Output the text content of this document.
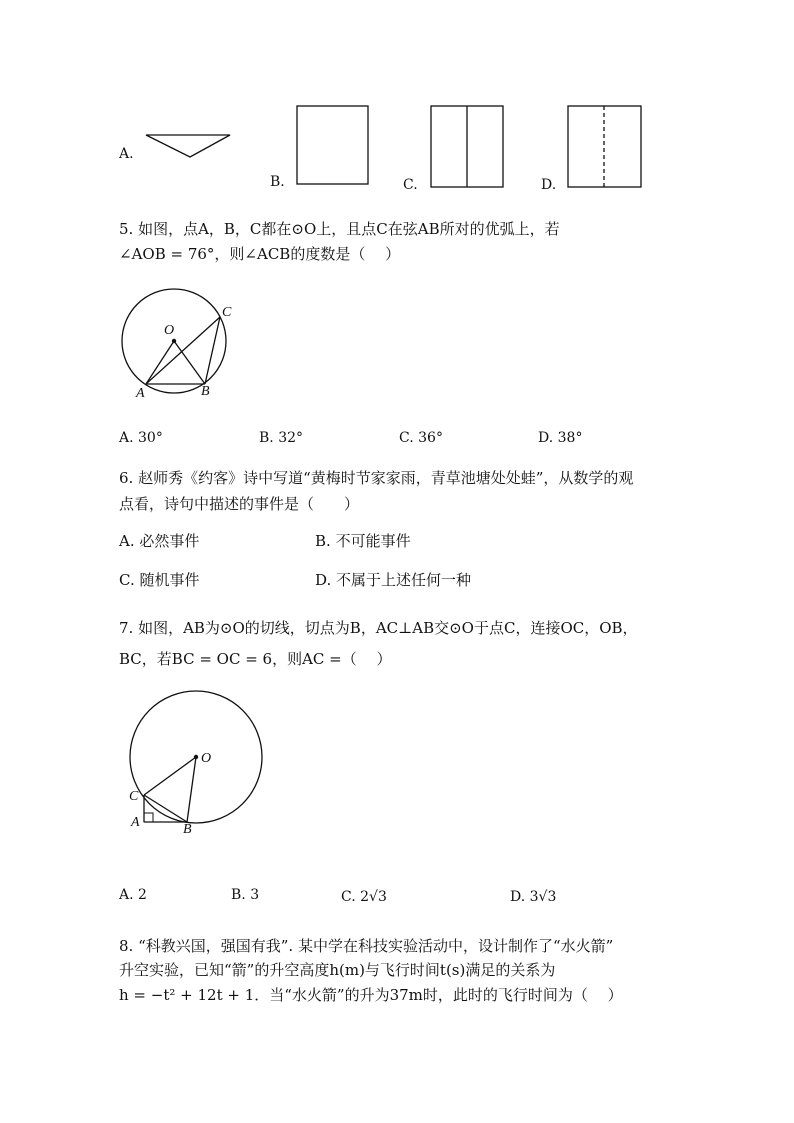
A.
B.	C.	D.
5. 如图，点A，B，C都在⊙O上，且点C在弦AB所对的优弧上，若
∠AOB = 76°，则∠ACB的度数是（　 ）
O
C
A	B
A. 30°	B. 32°	C. 36°	D. 38°
6. 赵师秀《约客》诗中写道“黄梅时节家家雨，青草池塘处处蛙”，从数学的观
点看，诗句中描述的事件是（　　）
A. 必然事件	B. 不可能事件
C. 随机事件	D. 不属于上述任何一种
7. 如图，AB为⊙O的切线，切点为B，AC⊥AB交⊙O于点C，连接OC，OB，
BC，若BC = OC = 6，则AC =（　 ）
O
C
A	B
A. 2	B. 3	C. 2√3	D. 3√3
8. “科教兴国，强国有我”. 某中学在科技实验活动中，设计制作了“水火箭”
升空实验，已知“箭”的升空高度h(m)与飞行时间t(s)满足的关系为
h = −t² + 12t + 1．当“水火箭”的升为37m时，此时的飞行时间为（　 ）
